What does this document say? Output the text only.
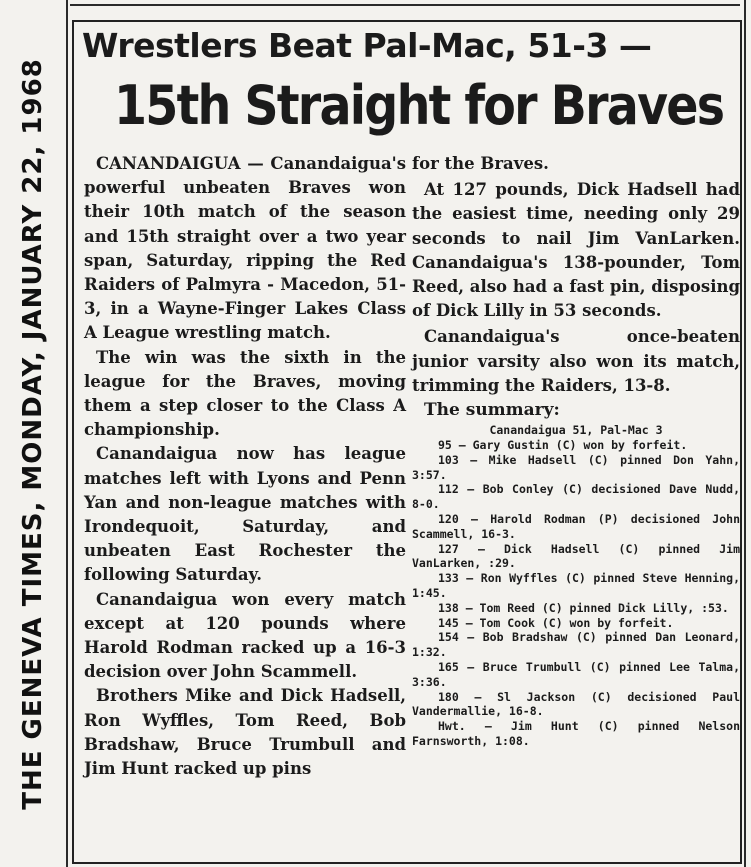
THE GENEVA TIMES, MONDAY, JANUARY 22, 1968
Wrestlers Beat Pal-Mac, 51-3 —
15th Straight for Braves

CANANDAIGUA — Canandaigua's powerful unbeaten Braves won their 10th match of the season and 15th straight over a two year span, Saturday, ripping the Red Raiders of Palmyra - Macedon, 51-3, in a Wayne-Finger Lakes Class A League wrestling match.

The win was the sixth in the league for the Braves, moving them a step closer to the Class A championship.

Canandaigua now has league matches left with Lyons and Penn Yan and non-league matches with Irondequoit, Saturday, and unbeaten East Rochester the following Saturday.

Canandaigua won every match except at 120 pounds where Harold Rodman racked up a 16-3 decision over John Scammell.

Brothers Mike and Dick Hadsell, Ron Wyffles, Tom Reed, Bob Bradshaw, Bruce Trumbull and Jim Hunt racked up pins

for the Braves.

At 127 pounds, Dick Hadsell had the easiest time, needing only 29 seconds to nail Jim VanLarken. Canandaigua's 138-pounder, Tom Reed, also had a fast pin, disposing of Dick Lilly in 53 seconds.

Canandaigua's once-beaten junior varsity also won its match, trimming the Raiders, 13-8.

The summary:

Canandaigua 51, Pal-Mac 3
95 — Gary Gustin (C) won by forfeit.
103 — Mike Hadsell (C) pinned Don Yahn, 3:57.
112 — Bob Conley (C) decisioned Dave Nudd, 8-0.
120 — Harold Rodman (P) decisioned John Scammell, 16-3.
127 — Dick Hadsell (C) pinned Jim VanLarken, :29.
133 — Ron Wyffles (C) pinned Steve Henning, 1:45.
138 — Tom Reed (C) pinned Dick Lilly, :53.
145 — Tom Cook (C) won by forfeit.
154 — Bob Bradshaw (C) pinned Dan Leonard, 1:32.
165 — Bruce Trumbull (C) pinned Lee Talma, 3:36.
180 — Sl Jackson (C) decisioned Paul Vandermallie, 16-8.
Hwt. — Jim Hunt (C) pinned Nelson Farnsworth, 1:08.
